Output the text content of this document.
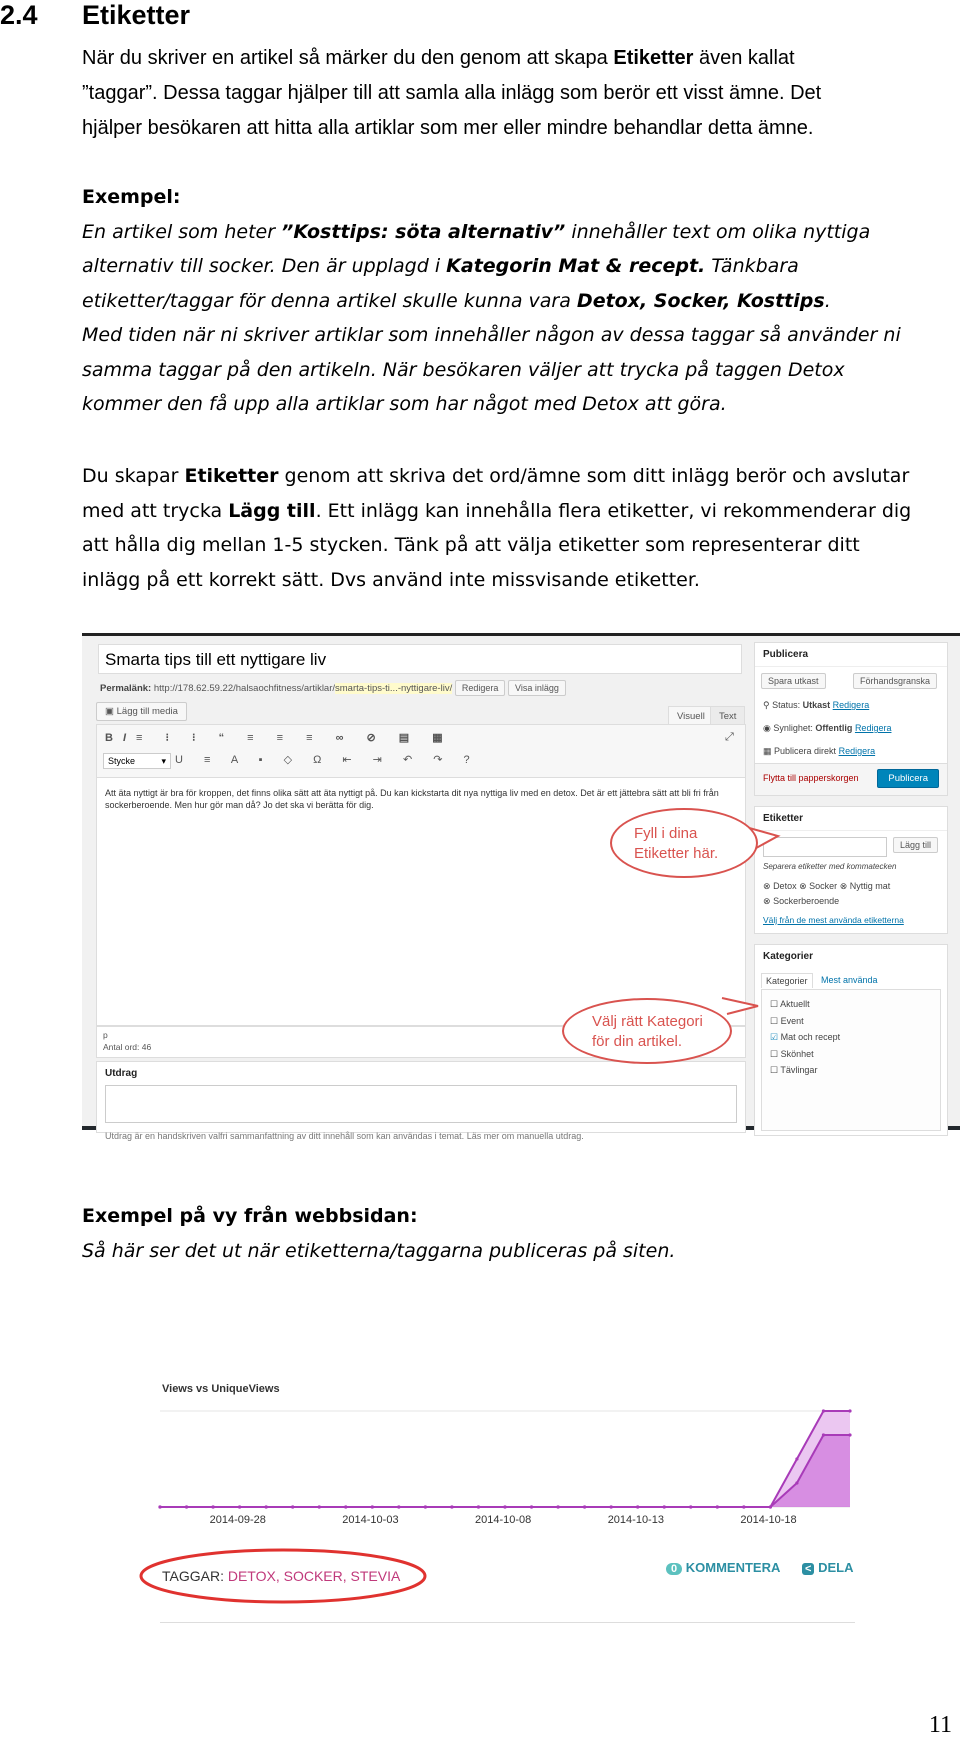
2.4 Etiketter
När du skriver en artikel så märker du den genom att skapa Etiketter även kallat
”taggar”. Dessa taggar hjälper till att samla alla inlägg som berör ett visst ämne. Det
hjälper besökaren att hitta alla artiklar som mer eller mindre behandlar detta ämne.
Exempel:
En artikel som heter ”Kosttips: söta alternativ” innehåller text om olika nyttiga
alternativ till socker. Den är upplagd i Kategorin Mat & recept. Tänkbara
etiketter/taggar för denna artikel skulle kunna vara Detox, Socker, Kosttips.
Med tiden när ni skriver artiklar som innehåller någon av dessa taggar så använder ni
samma taggar på den artikeln. När besökaren väljer att trycka på taggen Detox
kommer den få upp alla artiklar som har något med Detox att göra.
Du skapar Etiketter genom att skriva det ord/ämne som ditt inlägg berör och avslutar
med att trycka Lägg till. Ett inlägg kan innehålla flera etiketter, vi rekommenderar dig
att hålla dig mellan 1-5 stycken. Tänk på att välja etiketter som representerar ditt
inlägg på ett korrekt sätt. Dvs använd inte missvisande etiketter.
Smarta tips till ett nyttigare liv
Permalänk: http://178.62.59.22/halsaochfitness/artiklar/smarta-tips-ti...-nyttigare-liv/ Redigera Visa inlägg
▣ Lägg till media	Visuell	Text
BI≡ ⁝ ⁝ “ ≡ ≡ ≡ ∞ ⊘ ▤ ▦
Stycke	▾ U ≡ A ▪ ◇ Ω ⇤ ⇥ ↶ ↷ ?
⤢
Att äta nyttigt är bra för kroppen, det finns olika sätt att äta nyttigt på. Du kan kickstarta dit nya nyttiga liv med en detox. Det är ett jättebra sätt att bli fri från sockerberoende. Men hur gör man då? Jo det ska vi berätta för dig.
p
Antal ord: 46
Utdrag
Utdrag är en handskriven valfri sammanfattning av ditt innehåll som kan användas i temat. Läs mer om manuella utdrag.
Publicera
Spara utkast	Förhandsgranska
⚲ Status: Utkast Redigera
◉ Synlighet: Offentlig Redigera
▦ Publicera direkt Redigera
Flytta till papperskorgen	Publicera
Etiketter
Lägg till
Separera etiketter med kommatecken
⊗ Detox ⊗ Socker ⊗ Nyttig mat
⊗ Sockerberoende
Välj från de mest använda etiketterna
Kategorier
Kategorier	Mest använda
☐ Aktuellt
☐ Event
☑ Mat och recept
☐ Skönhet
☐ Tävlingar
Fyll i dina
Etiketter här.
Välj rätt Kategori
för din artikel.
Exempel på vy från webbsidan:
Så här ser det ut när etiketterna/taggarna publiceras på siten.
Views vs UniqueViews
2014-09-28	2014-10-03	2014-10-08	2014-10-13	2014-10-18
TAGGAR: DETOX, SOCKER, STEVIA	0 KOMMENTERA < DELA
11
